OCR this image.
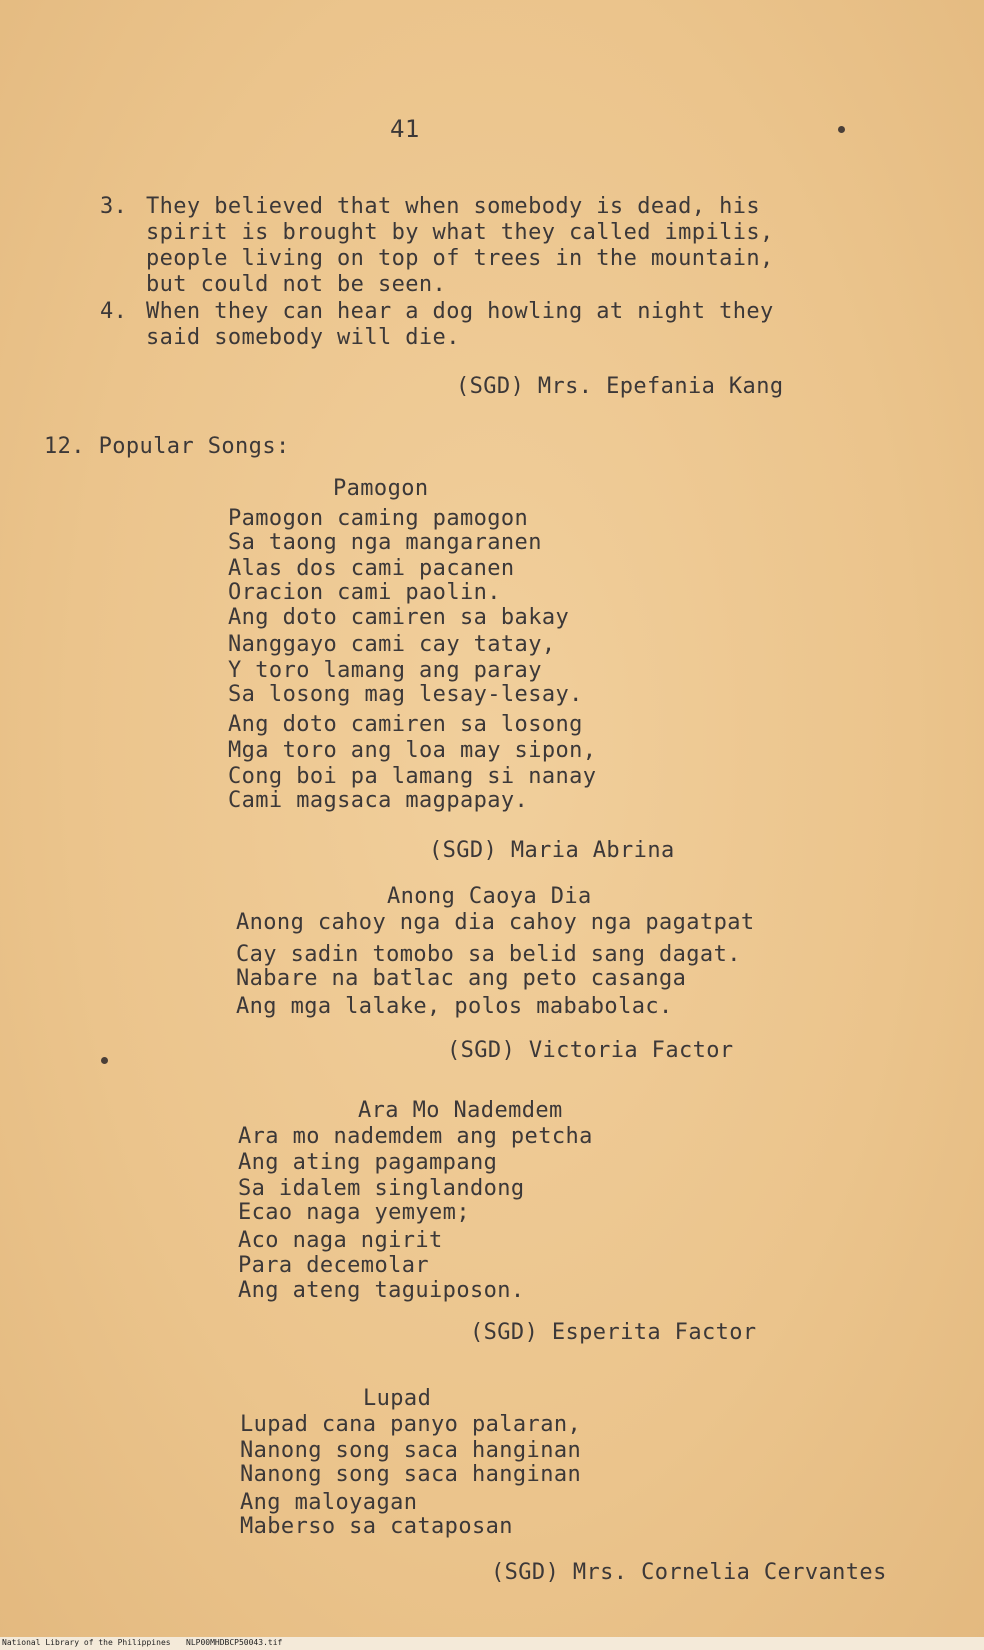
41
3. They believed that when somebody is dead, his
spirit is brought by what they called impilis,
people living on top of trees in the mountain,
but could not be seen.
4. When they can hear a dog howling at night they
said somebody will die.
(SGD) Mrs. Epefania Kang
12. Popular Songs:
Pamogon
Pamogon caming pamogon
Sa taong nga mangaranen
Alas dos cami pacanen
Oracion cami paolin.
Ang doto camiren sa bakay
Nanggayo cami cay tatay,
Y toro lamang ang paray
Sa losong mag lesay-lesay.
Ang doto camiren sa losong
Mga toro ang loa may sipon,
Cong boi pa lamang si nanay
Cami magsaca magpapay.
(SGD) Maria Abrina
Anong Caoya Dia
Anong cahoy nga dia cahoy nga pagatpat
Cay sadin tomobo sa belid sang dagat.
Nabare na batlac ang peto casanga
Ang mga lalake, polos mababolac.
(SGD) Victoria Factor
Ara Mo Nademdem
Ara mo nademdem ang petcha
Ang ating pagampang
Sa idalem singlandong
Ecao naga yemyem;
Aco naga ngirit
Para decemolar
Ang ateng taguiposon.
(SGD) Esperita Factor
Lupad
Lupad cana panyo palaran,
Nanong song saca hanginan
Nanong song saca hanginan
Ang maloyagan
Maberso sa cataposan
(SGD) Mrs. Cornelia Cervantes
National Library of the Philippines NLP00MHDBCP50043.tif
